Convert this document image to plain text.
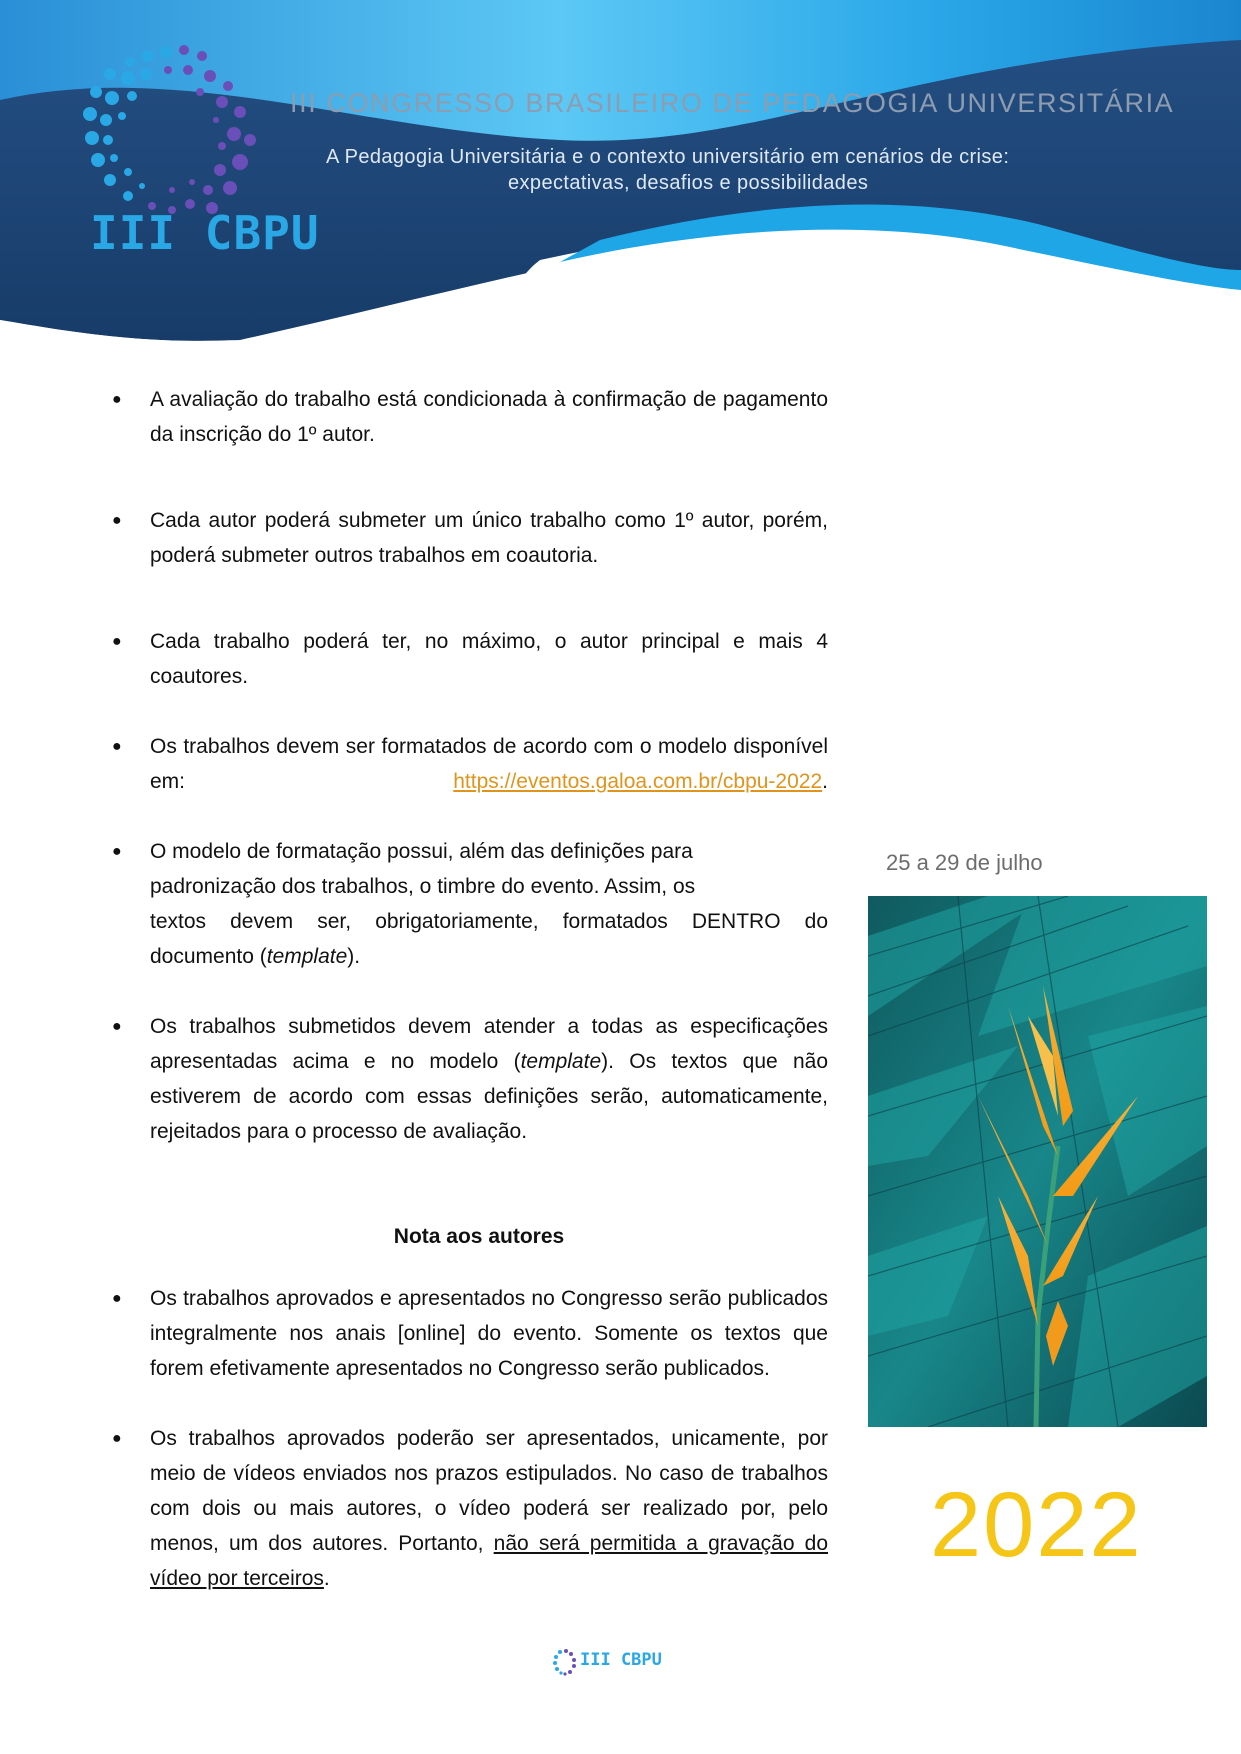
III CBPU
III CONGRESSO BRASILEIRO DE PEDAGOGIA UNIVERSITÁRIA
A Pedagogia Universitária e o contexto universitário em cenários de crise:
expectativas, desafios e possibilidades
● A avaliação do trabalho está condicionada à confirmação de pagamento da inscrição do 1º autor.
● Cada autor poderá submeter um único trabalho como 1º autor, porém, poderá submeter outros trabalhos em coautoria.
● Cada trabalho poderá ter, no máximo, o autor principal e mais 4 coautores.
● Os trabalhos devem ser formatados de acordo com o modelo disponível em: https://eventos.galoa.com.br/cbpu-2022.
● O modelo de formatação possui, além das definições para
padronização dos trabalhos, o timbre do evento. Assim, os
textos devem ser, obrigatoriamente, formatados DENTRO do documento (template).
● Os trabalhos submetidos devem atender a todas as especificações apresentadas acima e no modelo (template). Os textos que não estiverem de acordo com essas definições serão, automaticamente, rejeitados para o processo de avaliação.
Nota aos autores
● Os trabalhos aprovados e apresentados no Congresso serão publicados integralmente nos anais [online] do evento. Somente os textos que forem efetivamente apresentados no Congresso serão publicados.
● Os trabalhos aprovados poderão ser apresentados, unicamente, por meio de vídeos enviados nos prazos estipulados. No caso de trabalhos com dois ou mais autores, o vídeo poderá ser realizado por, pelo menos, um dos autores. Portanto, não será permitida a gravação do vídeo por terceiros.
III CBPU
25 a 29 de julho
2022
